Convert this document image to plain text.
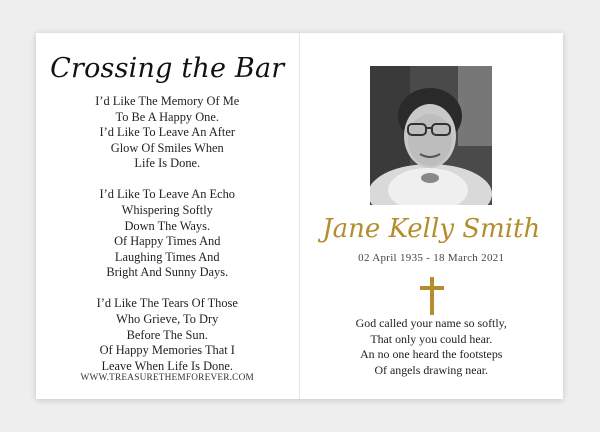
Crossing the Bar
I’d Like The Memory Of Me
To Be A Happy One.
I’d Like To Leave An After
Glow Of Smiles When
Life Is Done.
I’d Like To Leave An Echo
Whispering Softly
Down The Ways.
Of Happy Times And
Laughing Times And
Bright And Sunny Days.
I’d Like The Tears Of Those
Who Grieve, To Dry
Before The Sun.
Of Happy Memories That I
Leave When Life Is Done.
WWW.TREASURETHEMFOREVER.COM
Jane Kelly Smith
02 April 1935 - 18 March 2021
God called your name so softly,
That only you could hear.
An no one heard the footsteps
Of angels drawing near.
